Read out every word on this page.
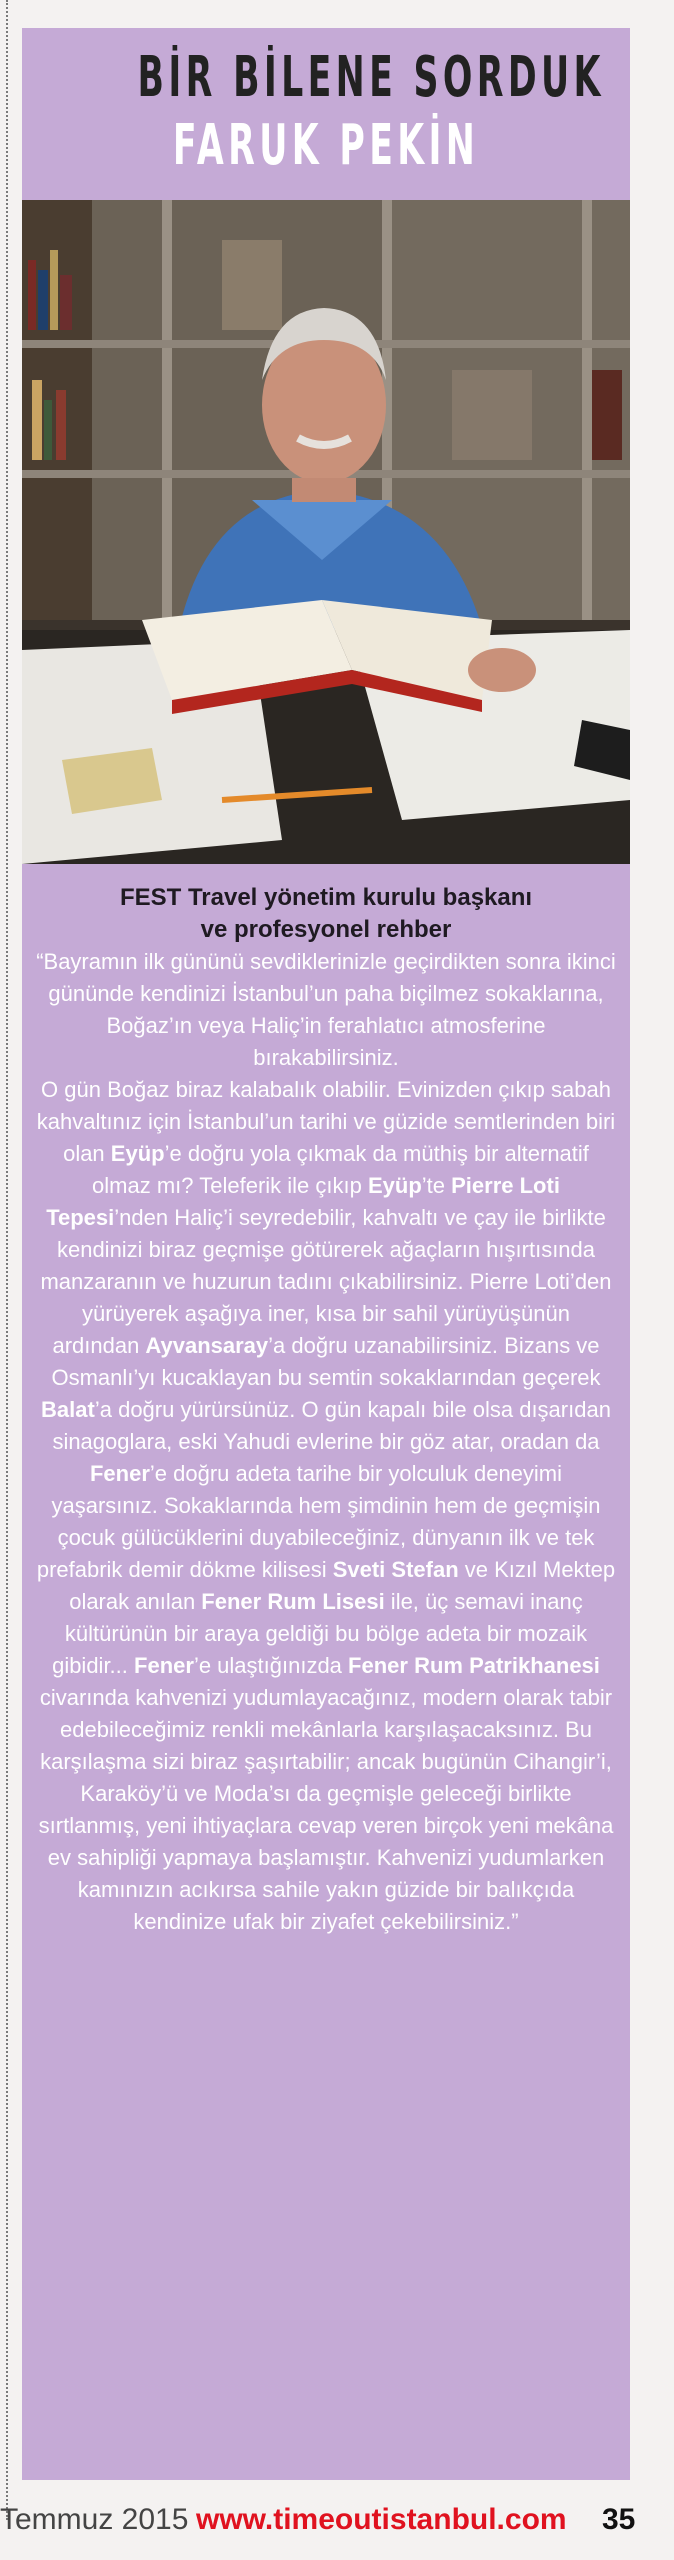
BİR BİLENE SORDUK
FARUK PEKİN
FEST Travel yönetim kurulu başkanı
ve profesyonel rehber
“Bayramın ilk gününü sevdiklerinizle geçirdikten sonra ikinci gününde kendinizi İstanbul’un paha biçilmez sokaklarına, Boğaz’ın veya Haliç’in ferahlatıcı atmosferine bırakabilirsiniz.
O gün Boğaz biraz kalabalık olabilir. Evinizden çıkıp sabah kahvaltınız için İstanbul’un tarihi ve güzide semtlerinden biri olan Eyüp’e doğru yola çıkmak da müthiş bir alternatif olmaz mı? Teleferik ile çıkıp Eyüp’te Pierre Loti Tepesi’nden Haliç’i seyredebilir, kahvaltı ve çay ile birlikte kendinizi biraz geçmişe götürerek ağaçların hışırtısında manzaranın ve huzurun tadını çıkabilirsiniz. Pierre Loti’den yürüyerek aşağıya iner, kısa bir sahil yürüyüşünün ardından Ayvansaray’a doğru uzanabilirsiniz. Bizans ve Osmanlı’yı kucaklayan bu semtin sokaklarından geçerek Balat’a doğru yürürsünüz. O gün kapalı bile olsa dışarıdan sinagoglara, eski Yahudi evlerine bir göz atar, oradan da Fener’e doğru adeta tarihe bir yolculuk deneyimi yaşarsınız. Sokaklarında hem şimdinin hem de geçmişin çocuk gülücüklerini duyabileceğiniz, dünyanın ilk ve tek prefabrik demir dökme kilisesi Sveti Stefan ve Kızıl Mektep olarak anılan Fener Rum Lisesi ile, üç semavi inanç kültürünün bir araya geldiği bu bölge adeta bir mozaik gibidir... Fener’e ulaştığınızda Fener Rum Patrikhanesi civarında kahvenizi yudumlayacağınız, modern olarak tabir edebileceğimiz renkli mekânlarla karşılaşacaksınız. Bu karşılaşma sizi biraz şaşırtabilir; ancak bugünün Cihangir’i, Karaköy’ü ve Moda’sı da geçmişle geleceği birlikte sırtlanmış, yeni ihtiyaçlara cevap veren birçok yeni mekâna ev sahipliği yapmaya başlamıştır. Kahvenizi yudumlarken kamınızın acıkırsa sahile yakın güzide bir balıkçıda kendinize ufak bir ziyafet çekebilirsiniz.”
Temmuz 2015 www.timeoutistanbul.com 35
